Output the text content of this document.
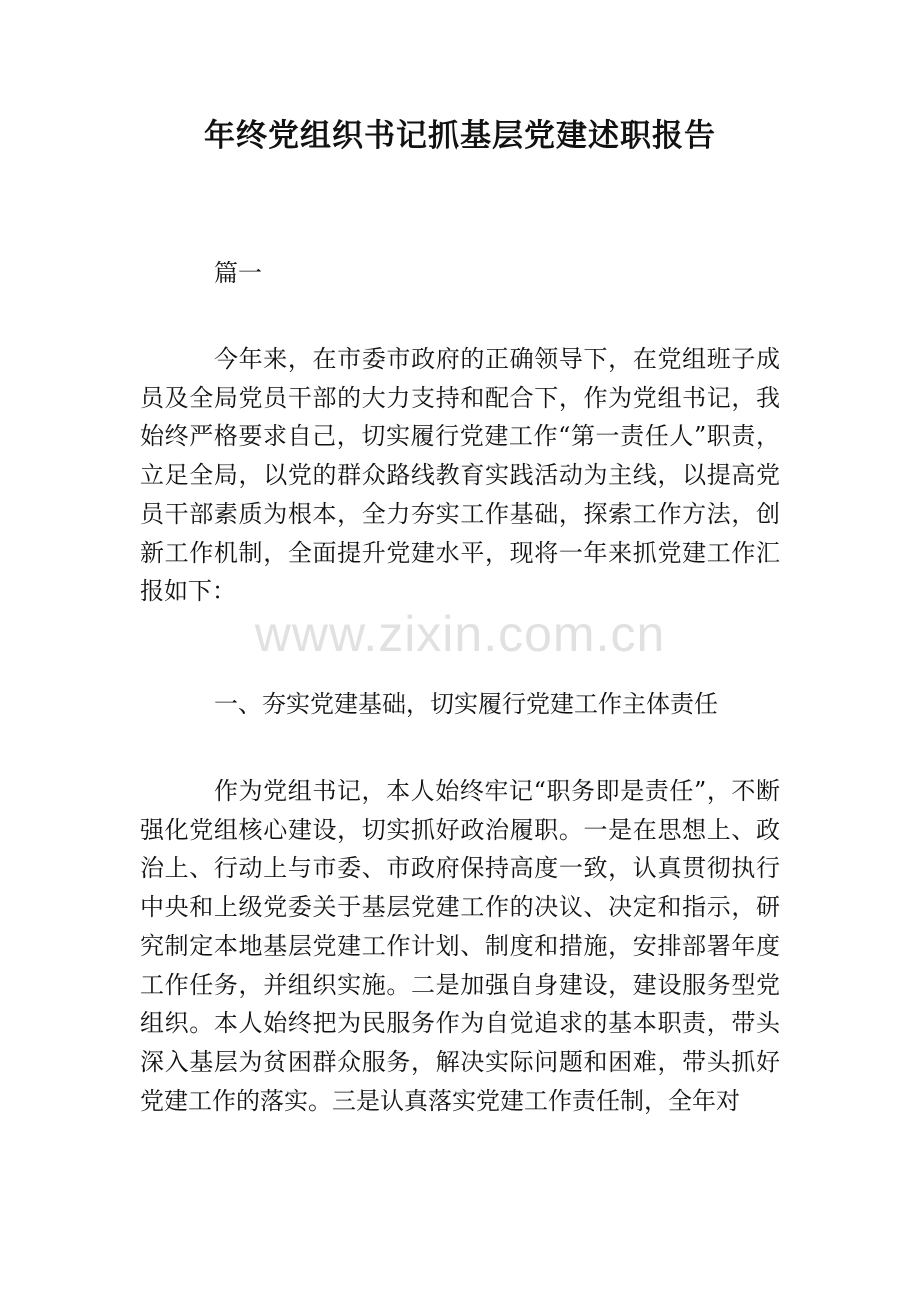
年终党组织书记抓基层党建述职报告
篇一

今年来，在市委市政府的正确领导下，在党组班子成员及全局党员干部的大力支持和配合下，作为党组书记，我始终严格要求自己，切实履行党建工作“第一责任人”职责，立足全局，以党的群众路线教育实践活动为主线，以提高党员干部素质为根本，全力夯实工作基础，探索工作方法，创新工作机制，全面提升党建水平，现将一年来抓党建工作汇报如下：

一、夯实党建基础，切实履行党建工作主体责任

作为党组书记，本人始终牢记“职务即是责任”，不断强化党组核心建设，切实抓好政治履职。一是在思想上、政治上、行动上与市委、市政府保持高度一致，认真贯彻执行中央和上级党委关于基层党建工作的决议、决定和指示，研究制定本地基层党建工作计划、制度和措施，安排部署年度工作任务，并组织实施。二是加强自身建设，建设服务型党组织。本人始终把为民服务作为自觉追求的基本职责，带头深入基层为贫困群众服务，解决实际问题和困难，带头抓好党建工作的落实。三是认真落实党建工作责任制，全年对

www.zixin.com.cn
